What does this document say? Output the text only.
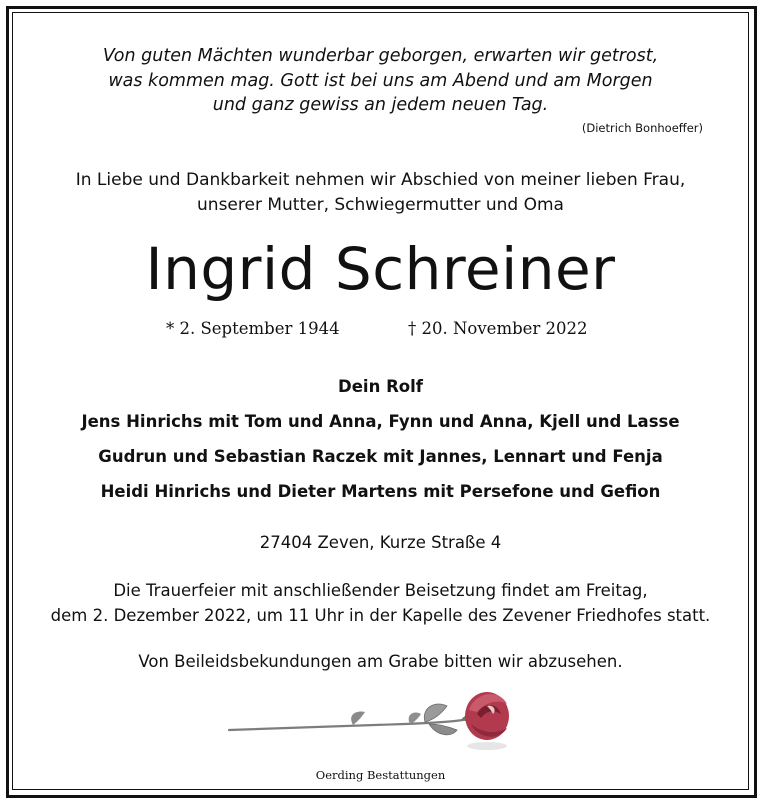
Von guten Mächten wunderbar geborgen, erwarten wir getrost,
was kommen mag. Gott ist bei uns am Abend und am Morgen
und ganz gewiss an jedem neuen Tag.
(Dietrich Bonhoeffer)
In Liebe und Dankbarkeit nehmen wir Abschied von meiner lieben Frau,
unserer Mutter, Schwiegermutter und Oma
Ingrid Schreiner
* 2. September 1944	† 20. November 2022
Dein Rolf
Jens Hinrichs mit Tom und Anna, Fynn und Anna, Kjell und Lasse
Gudrun und Sebastian Raczek mit Jannes, Lennart und Fenja
Heidi Hinrichs und Dieter Martens mit Persefone und Gefion
27404 Zeven, Kurze Straße 4
Die Trauerfeier mit anschließender Beisetzung findet am Freitag,
dem 2. Dezember 2022, um 11 Uhr in der Kapelle des Zevener Friedhofes statt.
Von Beileidsbekundungen am Grabe bitten wir abzusehen.
Oerding Bestattungen
